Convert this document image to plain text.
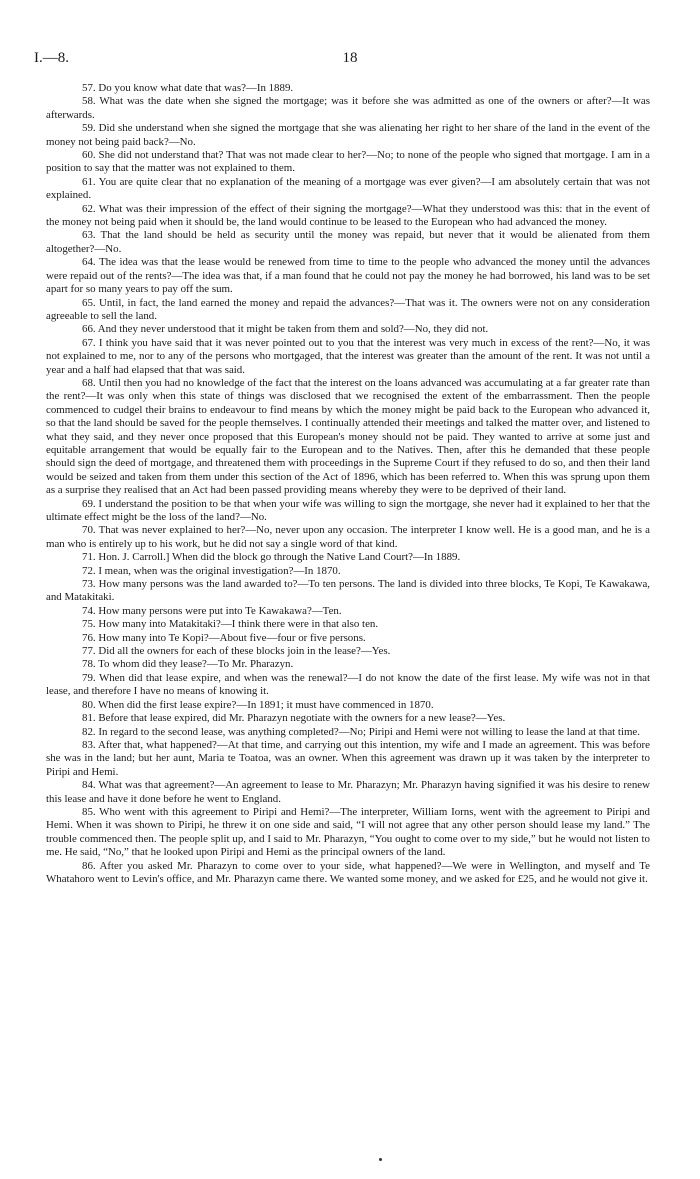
I.—8.	18

57. Do you know what date that was?—In 1889.

58. What was the date when she signed the mortgage; was it before she was admitted as one of the owners or after?—It was afterwards.

59. Did she understand when she signed the mortgage that she was alienating her right to her share of the land in the event of the money not being paid back?—No.

60. She did not understand that? That was not made clear to her?—No; to none of the people who signed that mortgage. I am in a position to say that the matter was not explained to them.

61. You are quite clear that no explanation of the meaning of a mortgage was ever given?—I am absolutely certain that was not explained.

62. What was their impression of the effect of their signing the mortgage?—What they understood was this: that in the event of the money not being paid when it should be, the land would continue to be leased to the European who had advanced the money.

63. That the land should be held as security until the money was repaid, but never that it would be alienated from them altogether?—No.

64. The idea was that the lease would be renewed from time to time to the people who advanced the money until the advances were repaid out of the rents?—The idea was that, if a man found that he could not pay the money he had borrowed, his land was to be set apart for so many years to pay off the sum.

65. Until, in fact, the land earned the money and repaid the advances?—That was it. The owners were not on any consideration agreeable to sell the land.

66. And they never understood that it might be taken from them and sold?—No, they did not.

67. I think you have said that it was never pointed out to you that the interest was very much in excess of the rent?—No, it was not explained to me, nor to any of the persons who mortgaged, that the interest was greater than the amount of the rent. It was not until a year and a half had elapsed that that was said.

68. Until then you had no knowledge of the fact that the interest on the loans advanced was accumulating at a far greater rate than the rent?—It was only when this state of things was disclosed that we recognised the extent of the embarrassment. Then the people commenced to cudgel their brains to endeavour to find means by which the money might be paid back to the European who advanced it, so that the land should be saved for the people themselves. I continually attended their meetings and talked the matter over, and listened to what they said, and they never once proposed that this European's money should not be paid. They wanted to arrive at some just and equitable arrangement that would be equally fair to the European and to the Natives. Then, after this he demanded that these people should sign the deed of mortgage, and threatened them with proceedings in the Supreme Court if they refused to do so, and then their land would be seized and taken from them under this section of the Act of 1896, which has been referred to. When this was sprung upon them as a surprise they realised that an Act had been passed providing means whereby they were to be deprived of their land.

69. I understand the position to be that when your wife was willing to sign the mortgage, she never had it explained to her that the ultimate effect might be the loss of the land?—No.

70. That was never explained to her?—No, never upon any occasion. The interpreter I know well. He is a good man, and he is a man who is entirely up to his work, but he did not say a single word of that kind.

71. Hon. J. Carroll.] When did the block go through the Native Land Court?—In 1889.

72. I mean, when was the original investigation?—In 1870.

73. How many persons was the land awarded to?—To ten persons. The land is divided into three blocks, Te Kopi, Te Kawakawa, and Matakitaki.

74. How many persons were put into Te Kawakawa?—Ten.

75. How many into Matakitaki?—I think there were in that also ten.

76. How many into Te Kopi?—About five—four or five persons.

77. Did all the owners for each of these blocks join in the lease?—Yes.

78. To whom did they lease?—To Mr. Pharazyn.

79. When did that lease expire, and when was the renewal?—I do not know the date of the first lease. My wife was not in that lease, and therefore I have no means of knowing it.

80. When did the first lease expire?—In 1891; it must have commenced in 1870.

81. Before that lease expired, did Mr. Pharazyn negotiate with the owners for a new lease?—Yes.

82. In regard to the second lease, was anything completed?—No; Piripi and Hemi were not willing to lease the land at that time.

83. After that, what happened?—At that time, and carrying out this intention, my wife and I made an agreement. This was before she was in the land; but her aunt, Maria te Toatoa, was an owner. When this agreement was drawn up it was taken by the interpreter to Piripi and Hemi.

84. What was that agreement?—An agreement to lease to Mr. Pharazyn; Mr. Pharazyn having signified it was his desire to renew this lease and have it done before he went to England.

85. Who went with this agreement to Piripi and Hemi?—The interpreter, William Iorns, went with the agreement to Piripi and Hemi. When it was shown to Piripi, he threw it on one side and said, “I will not agree that any other person should lease my land.” The trouble commenced then. The people split up, and I said to Mr. Pharazyn, “You ought to come over to my side,” but he would not listen to me. He said, “No,” that he looked upon Piripi and Hemi as the principal owners of the land.

86. After you asked Mr. Pharazyn to come over to your side, what happened?—We were in Wellington, and myself and Te Whatahoro went to Levin's office, and Mr. Pharazyn came there. We wanted some money, and we asked for £25, and he would not give it.
